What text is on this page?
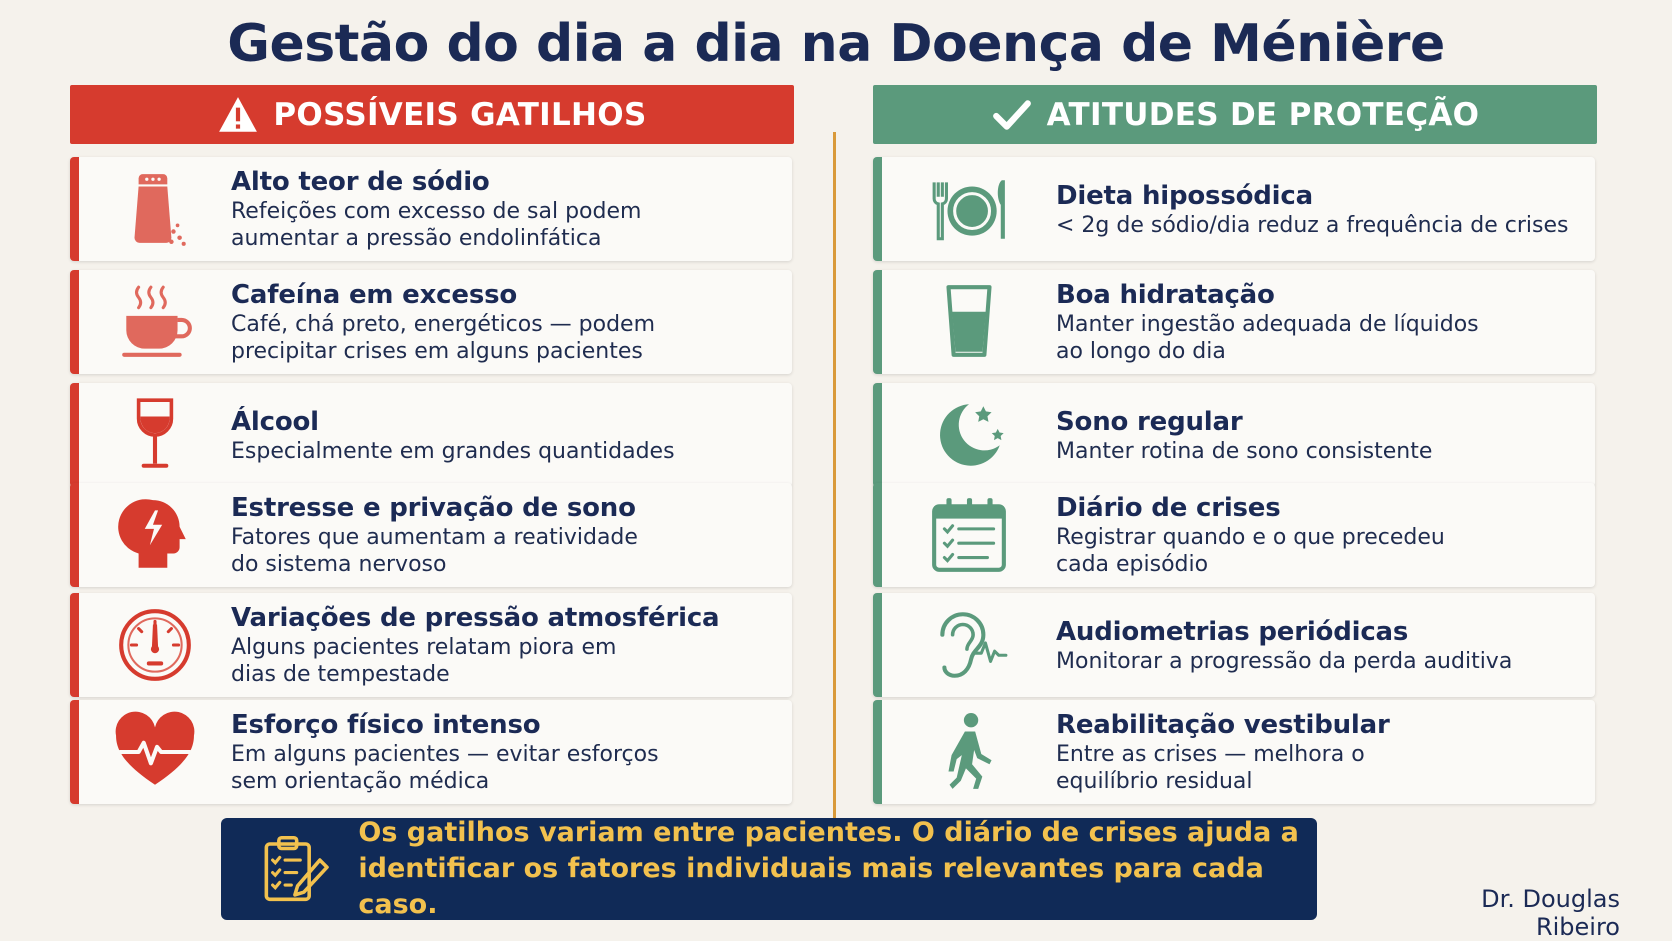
Gestão do dia a dia na Doença de Ménière
POSSÍVEIS GATILHOS	ATITUDES DE PROTEÇÃO
Alto teor de sódio
Refeições com excesso de sal podem
aumentar a pressão endolinfática
Cafeína em excesso
Café, chá preto, energéticos — podem
precipitar crises em alguns pacientes
Álcool
Especialmente em grandes quantidades
Estresse e privação de sono
Fatores que aumentam a reatividade
do sistema nervoso
Variações de pressão atmosférica
Alguns pacientes relatam piora em
dias de tempestade
Esforço físico intenso
Em alguns pacientes — evitar esforços
sem orientação médica
Dieta hipossódica
< 2g de sódio/dia reduz a frequência de crises
Boa hidratação
Manter ingestão adequada de líquidos
ao longo do dia
Sono regular
Manter rotina de sono consistente
Diário de crises
Registrar quando e o que precedeu
cada episódio
Audiometrias periódicas
Monitorar a progressão da perda auditiva
Reabilitação vestibular
Entre as crises — melhora o
equilíbrio residual
Os gatilhos variam entre pacientes. O diário de crises ajuda a
identificar os fatores individuais mais relevantes para cada caso.	Dr. Douglas Ribeiro
